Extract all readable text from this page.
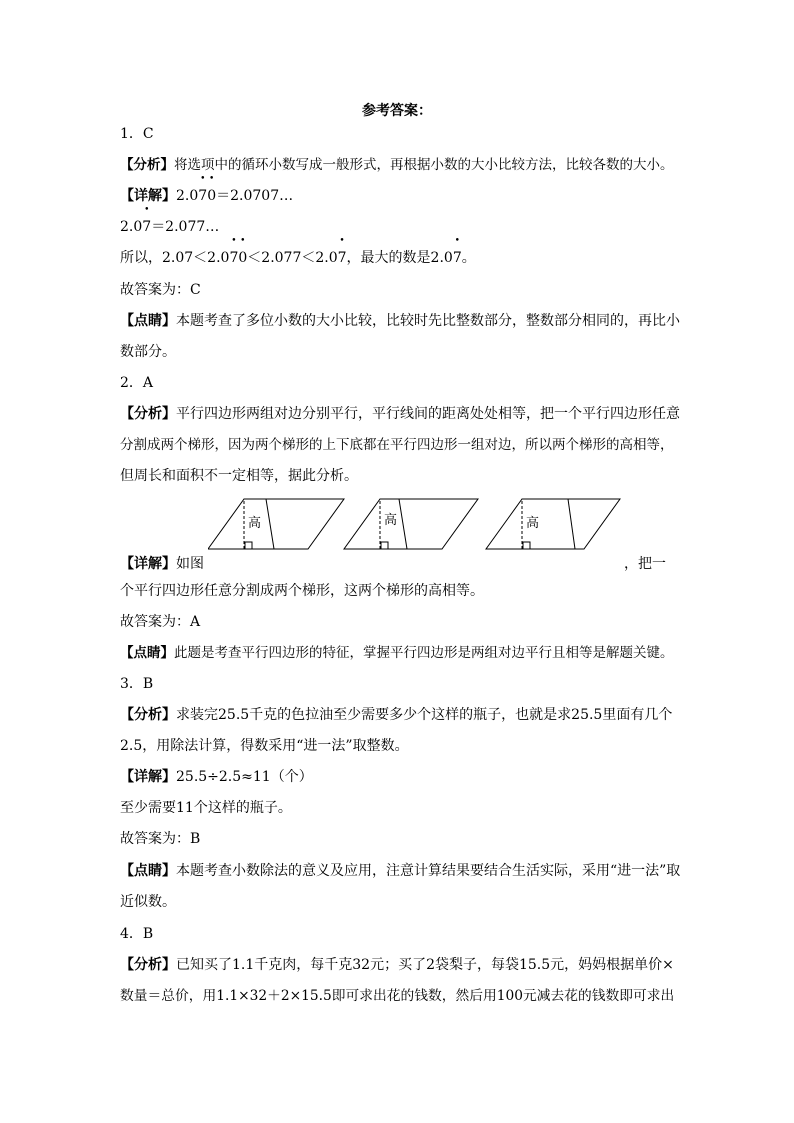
参考答案：
1．C
【分析】将选项中的循环小数写成一般形式，再根据小数的大小比较方法，比较各数的大小。
【详解】2.0• 7• 0＝2.0707…
2.0• 7＝2.077…
所以，2.07＜2.0• 7• 0＜2.077＜2.0• 7，最大的数是2.0• 7。
故答案为：C
【点睛】本题考查了多位小数的大小比较，比较时先比整数部分，整数部分相同的，再比小
数部分。
2．A
【分析】平行四边形两组对边分别平行，平行线间的距离处处相等，把一个平行四边形任意
分割成两个梯形，因为两个梯形的上下底都在平行四边形一组对边，所以两个梯形的高相等，
但周长和面积不一定相等，据此分析。
高	高	高
【详解】如图	，把一
个平行四边形任意分割成两个梯形，这两个梯形的高相等。
故答案为：A
【点睛】此题是考查平行四边形的特征，掌握平行四边形是两组对边平行且相等是解题关键。
3．B
【分析】求装完25.5千克的色拉油至少需要多少个这样的瓶子，也就是求25.5里面有几个
2.5，用除法计算，得数采用“进一法”取整数。
【详解】25.5÷2.5≈11（个）
至少需要11个这样的瓶子。
故答案为：B
【点睛】本题考查小数除法的意义及应用，注意计算结果要结合生活实际，采用“进一法”取
近似数。
4．B
【分析】已知买了1.1千克肉，每千克32元；买了2袋梨子，每袋15.5元，妈妈根据单价×
数量＝总价，用1.1×32＋2×15.5即可求出花的钱数，然后用100元减去花的钱数即可求出
